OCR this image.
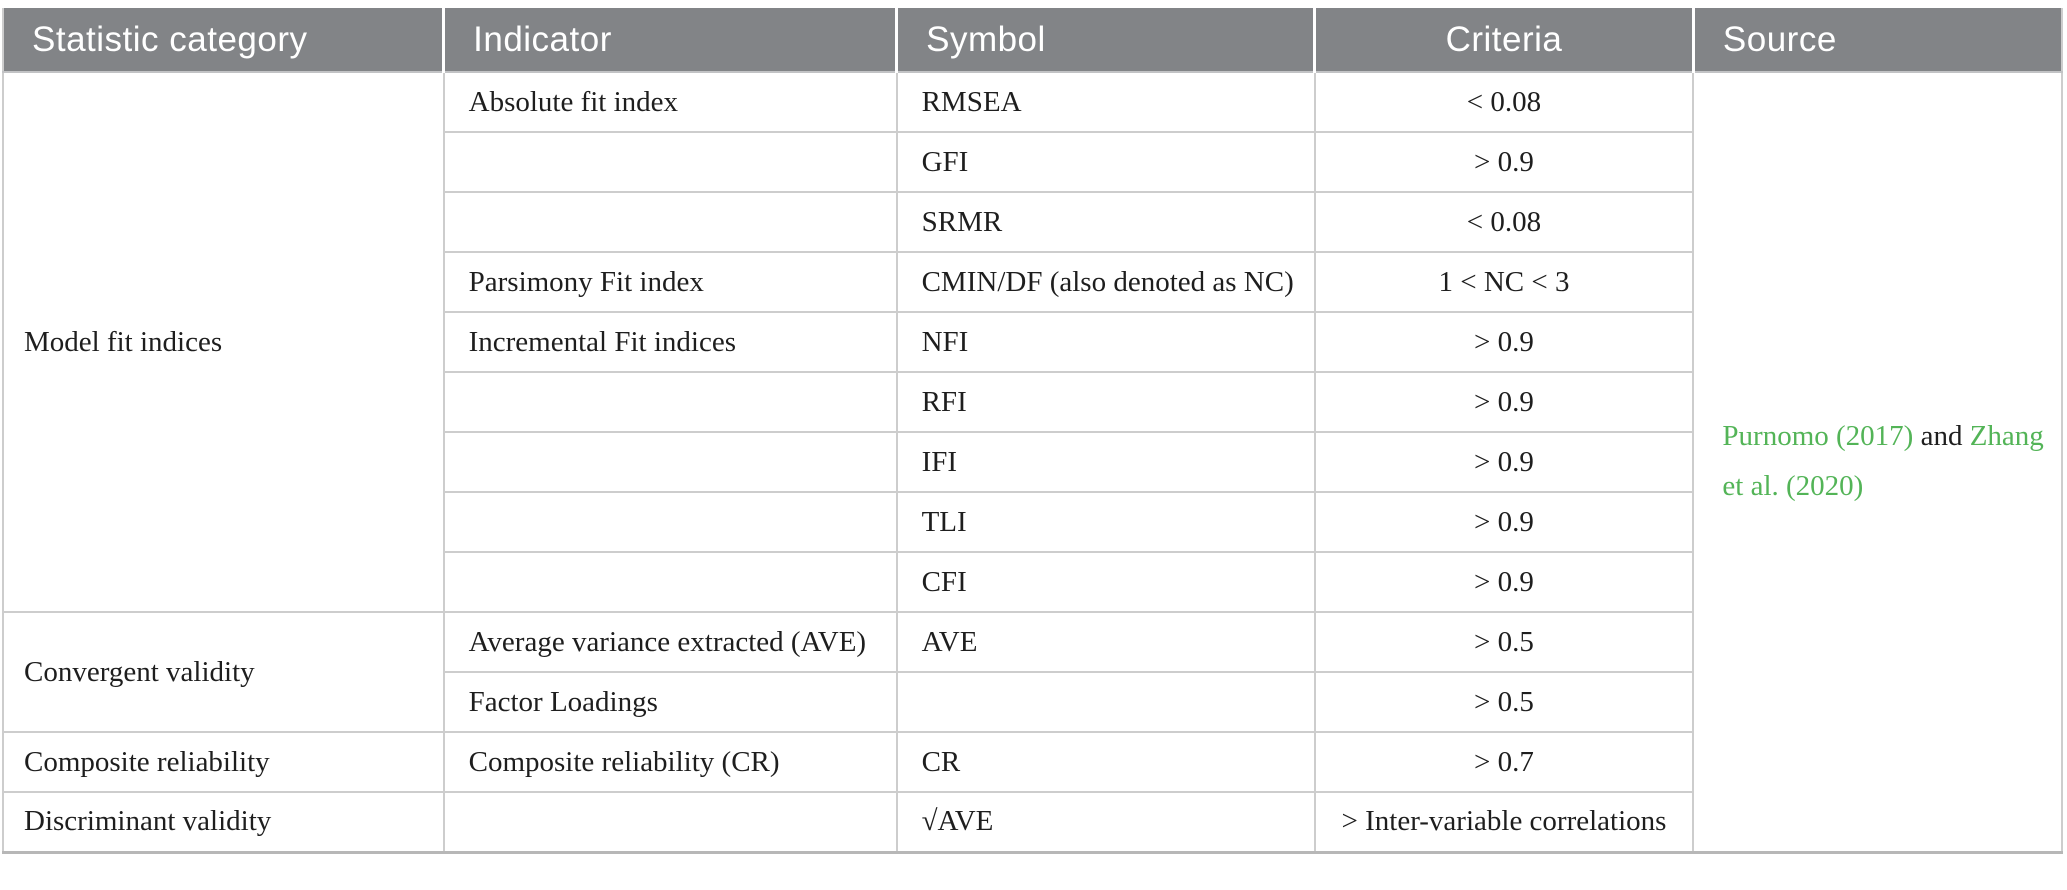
Statistic category	Indicator	Symbol	Criteria	Source
Model fit indices	Absolute fit index	RMSEA	< 0.08	Purnomo (2017) and Zhang et al. (2020)
		GFI	> 0.9	
		SRMR	< 0.08	
	Parsimony Fit index	CMIN/DF (also denoted as NC)	1 < NC < 3	
	Incremental Fit indices	NFI	> 0.9	
		RFI	> 0.9	
		IFI	> 0.9	
		TLI	> 0.9	
		CFI	> 0.9	
Convergent validity	Average variance extracted (AVE)	AVE	> 0.5	
	Factor Loadings		> 0.5	
Composite reliability	Composite reliability (CR)	CR	> 0.7	
Discriminant validity		√AVE	> Inter-variable correlations	
